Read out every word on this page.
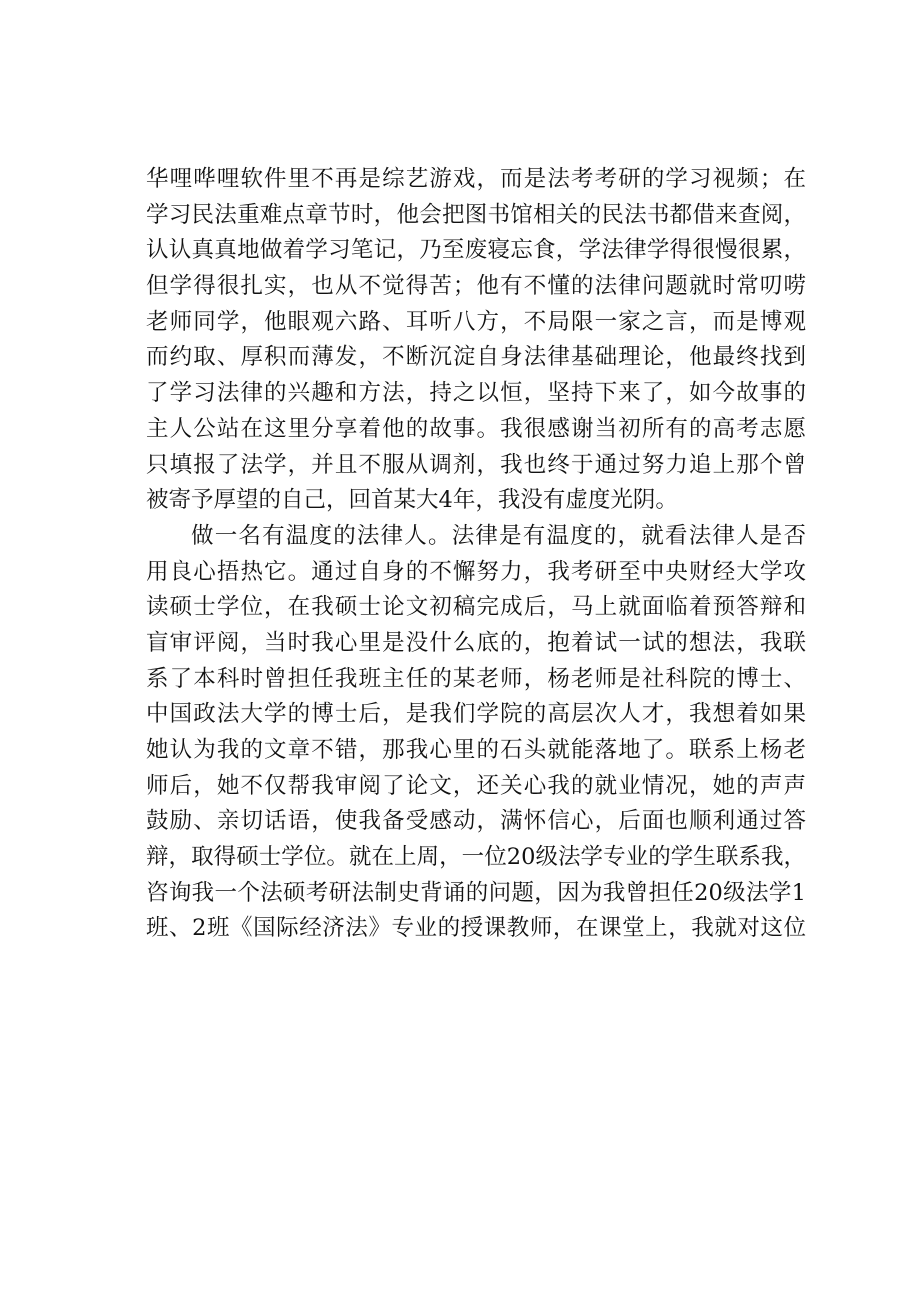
华哩哗哩软件里不再是综艺游戏，而是法考考研的学习视频；在
学习民法重难点章节时，他会把图书馆相关的民法书都借来查阅，
认认真真地做着学习笔记，乃至废寝忘食，学法律学得很慢很累，
但学得很扎实，也从不觉得苦；他有不懂的法律问题就时常叨唠
老师同学，他眼观六路、耳听八方，不局限一家之言，而是博观
而约取、厚积而薄发，不断沉淀自身法律基础理论，他最终找到
了学习法律的兴趣和方法，持之以恒，坚持下来了，如今故事的
主人公站在这里分享着他的故事。我很感谢当初所有的高考志愿
只填报了法学，并且不服从调剂，我也终于通过努力追上那个曾
被寄予厚望的自己，回首某大4年，我没有虚度光阴。
做一名有温度的法律人。法律是有温度的，就看法律人是否
用良心捂热它。通过自身的不懈努力，我考研至中央财经大学攻
读硕士学位，在我硕士论文初稿完成后，马上就面临着预答辩和
盲审评阅，当时我心里是没什么底的，抱着试一试的想法，我联
系了本科时曾担任我班主任的某老师，杨老师是社科院的博士、
中国政法大学的博士后，是我们学院的高层次人才，我想着如果
她认为我的文章不错，那我心里的石头就能落地了。联系上杨老
师后，她不仅帮我审阅了论文，还关心我的就业情况，她的声声
鼓励、亲切话语，使我备受感动，满怀信心，后面也顺利通过答
辩，取得硕士学位。就在上周，一位20级法学专业的学生联系我，
咨询我一个法硕考研法制史背诵的问题，因为我曾担任20级法学1
班、2班《国际经济法》专业的授课教师，在课堂上，我就对这位
